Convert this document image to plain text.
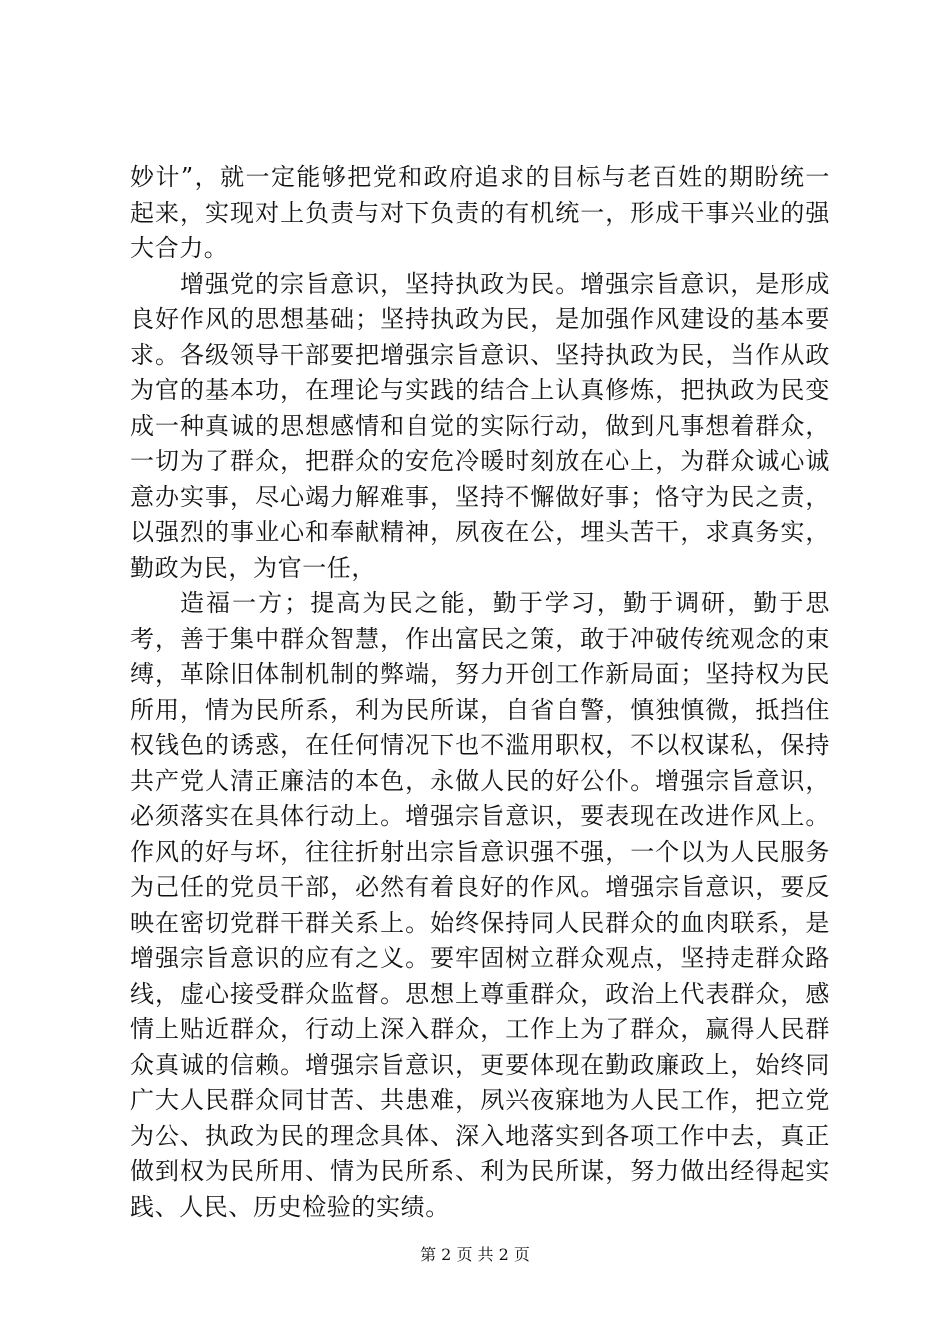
妙计”，就一定能够把党和政府追求的目标与老百姓的期盼统一起来，实现对上负责与对下负责的有机统一，形成干事兴业的强大合力。

增强党的宗旨意识，坚持执政为民。增强宗旨意识，是形成良好作风的思想基础；坚持执政为民，是加强作风建设的基本要求。各级领导干部要把增强宗旨意识、坚持执政为民，当作从政为官的基本功，在理论与实践的结合上认真修炼，把执政为民变成一种真诚的思想感情和自觉的实际行动，做到凡事想着群众，一切为了群众，把群众的安危冷暖时刻放在心上，为群众诚心诚意办实事，尽心竭力解难事，坚持不懈做好事；恪守为民之责，以强烈的事业心和奉献精神，夙夜在公，埋头苦干，求真务实，勤政为民，为官一任，

造福一方；提高为民之能，勤于学习，勤于调研，勤于思考，善于集中群众智慧，作出富民之策，敢于冲破传统观念的束缚，革除旧体制机制的弊端，努力开创工作新局面；坚持权为民所用，情为民所系，利为民所谋，自省自警，慎独慎微，抵挡住权钱色的诱惑，在任何情况下也不滥用职权，不以权谋私，保持共产党人清正廉洁的本色，永做人民的好公仆。增强宗旨意识，必须落实在具体行动上。增强宗旨意识，要表现在改进作风上。作风的好与坏，往往折射出宗旨意识强不强，一个以为人民服务为己任的党员干部，必然有着良好的作风。增强宗旨意识，要反映在密切党群干群关系上。始终保持同人民群众的血肉联系，是增强宗旨意识的应有之义。要牢固树立群众观点，坚持走群众路线，虚心接受群众监督。思想上尊重群众，政治上代表群众，感情上贴近群众，行动上深入群众，工作上为了群众，赢得人民群众真诚的信赖。增强宗旨意识，更要体现在勤政廉政上，始终同广大人民群众同甘苦、共患难，夙兴夜寐地为人民工作，把立党为公、执政为民的理念具体、深入地落实到各项工作中去，真正做到权为民所用、情为民所系、利为民所谋，努力做出经得起实践、人民、历史检验的实绩。

第 2 页 共 2 页
